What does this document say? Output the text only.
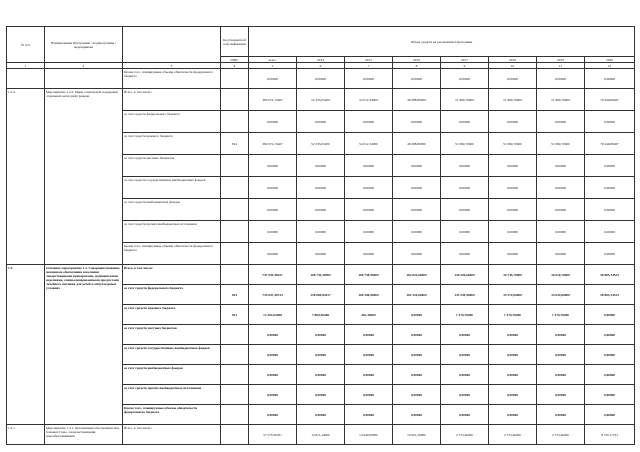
№ п/п	Наименование Программы / подпрограммы / мероприятия		Код бюджетной классификации	Объем средств на реализацию Программы							
			ГРБС	всего	2014	2015	2016	2017	2018	2019	2020
1	2	3	4	5	6	7	8	9	10	11	12
		Кроме того, планируемые объемы обязательств федерального бюджета		0,00000	0,00000	0,00000	0,00000	0,00000	0,00000	0,00000	0,00000
1.2.2.	Мероприятие 1.2.2. Меры социальной поддержки отдельных категорий граждан	Всего, в том числе:		382 072,15467	52 333,03200	54 012,34000	48 288,80000	51 999,70000	51 999,70000	51 999,70000	70 446,89467
		за счет средств федерального бюджета		0,00000	0,00000	0,00000	0,00000	0,00000	0,00000	0,00000	0,00000
		за счет средств краевого бюджета	814	382 072,15467	52 333,03200	54 012,34000	48 288,80000	51 999,70000	51 999,70000	51 999,70000	70 446,89467
		за счет средств местных бюджетов		0,00000	0,00000	0,00000	0,00000	0,00000	0,00000	0,00000	0,00000
		за счет средств государственных внебюджетных фондов		0,00000	0,00000	0,00000	0,00000	0,00000	0,00000	0,00000	0,00000
		за счет средств внебюджетных фондов		0,00000	0,00000	0,00000	0,00000	0,00000	0,00000	0,00000	0,00000
		за счет средств прочих внебюджетных источников		0,00000	0,00000	0,00000	0,00000	0,00000	0,00000	0,00000	0,00000
		Кроме того, планируемые объемы обязательств федерального бюджета		0,00000	0,00000	0,00000	0,00000	0,00000	0,00000	0,00000	0,00000
1.3.	Основное мероприятие 1.3. Совершенствование механизма обеспечения населения лекарственными препаратами, медицинскими изделиями, специализированными продуктами лечебного питания для детей в амбулаторных условиях	Всего, в том числе:		747 939,48221	108 755,40985	168 758,90000	182 824,60000	136 526,60000	36 745,70000	36 010,70000	58 885,14524
		за счет средств федерального бюджета	814	735 847,40733	258 869,84417	168 306,90000	182 324,00000	135 259,90000	35 372,00000	34 634,00000	58 885,14524
		за счет средств краевого бюджета	814	12 492,04488	7 889,56488	462,40000	0,00000	1 376,70000	1 376,70000	1 376,70000	0,00000
		за счет средств местных бюджетов		0,00000	0,00000	0,00000	0,00000	0,00000	0,00000	0,00000	0,00000
		за счет средств государственных внебюджетных фондов		0,00000	0,00000	0,00000	0,00000	0,00000	0,00000	0,00000	0,00000
		за счет средств внебюджетных фондов		0,00000	0,00000	0,00000	0,00000	0,00000	0,00000	0,00000	0,00000
		за счет средств прочих внебюджетных источников		0,00000	0,00000	0,00000	0,00000	0,00000	0,00000	0,00000	0,00000
		Кроме того, планируемые объемы обязательств федерального бюджета		0,00000	0,00000	0,00000	0,00000	0,00000	0,00000	0,00000	0,00000
1.3.1.	Мероприятие 1.3.1. Организация обеспечения лиц, больных Гоше, злокачественными новообразованиями	Всего, в том числе:		57 573,56761	14 811,44000	14 940,00000	10 821,20000	2 753,40000	2 753,40000	2 753,40000	8 730,17761
